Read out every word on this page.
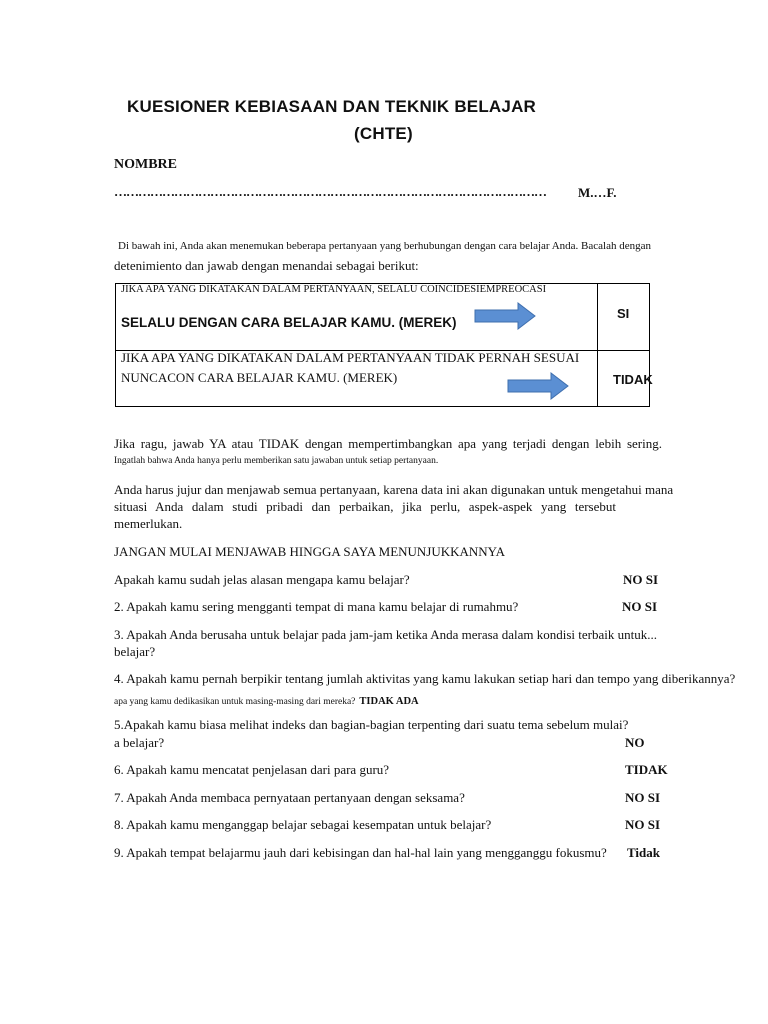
KUESIONER KEBIASAAN DAN TEKNIK BELAJAR
(CHTE)
NOMBRE
………………………………………………………………………………………………	M.…F.
Di bawah ini, Anda akan menemukan beberapa pertanyaan yang berhubungan dengan cara belajar Anda. Bacalah dengan
detenimiento dan jawab dengan menandai sebagai berikut:
JIKA APA YANG DIKATAKAN DALAM PERTANYAAN, SELALU COINCIDESIEMPREOCASI
SELALU DENGAN CARA BELAJAR KAMU. (MEREK)
SI
JIKA APA YANG DIKATAKAN DALAM PERTANYAAN TIDAK PERNAH SESUAI
NUNCACON CARA BELAJAR KAMU. (MEREK)	TIDAK
Jika ragu, jawab YA atau TIDAK dengan mempertimbangkan apa yang terjadi dengan lebih sering.
Ingatlah bahwa Anda hanya perlu memberikan satu jawaban untuk setiap pertanyaan.
Anda harus jujur dan menjawab semua pertanyaan, karena data ini akan digunakan untuk mengetahui mana
situasi Anda dalam studi pribadi dan perbaikan, jika perlu, aspek-aspek yang tersebut
memerlukan.
JANGAN MULAI MENJAWAB HINGGA SAYA MENUNJUKKANNYA
Apakah kamu sudah jelas alasan mengapa kamu belajar?	NO SI
2. Apakah kamu sering mengganti tempat di mana kamu belajar di rumahmu?	NO SI
3. Apakah Anda berusaha untuk belajar pada jam-jam ketika Anda merasa dalam kondisi terbaik untuk...
belajar?
4. Apakah kamu pernah berpikir tentang jumlah aktivitas yang kamu lakukan setiap hari dan tempo yang diberikannya?
apa yang kamu dedikasikan untuk masing-masing dari mereka? TIDAK ADA
5.Apakah kamu biasa melihat indeks dan bagian-bagian terpenting dari suatu tema sebelum mulai?
a belajar?	NO
6. Apakah kamu mencatat penjelasan dari para guru?	TIDAK
7. Apakah Anda membaca pernyataan pertanyaan dengan seksama?	NO SI
8. Apakah kamu menganggap belajar sebagai kesempatan untuk belajar?	NO SI
9. Apakah tempat belajarmu jauh dari kebisingan dan hal-hal lain yang mengganggu fokusmu? Tidak
